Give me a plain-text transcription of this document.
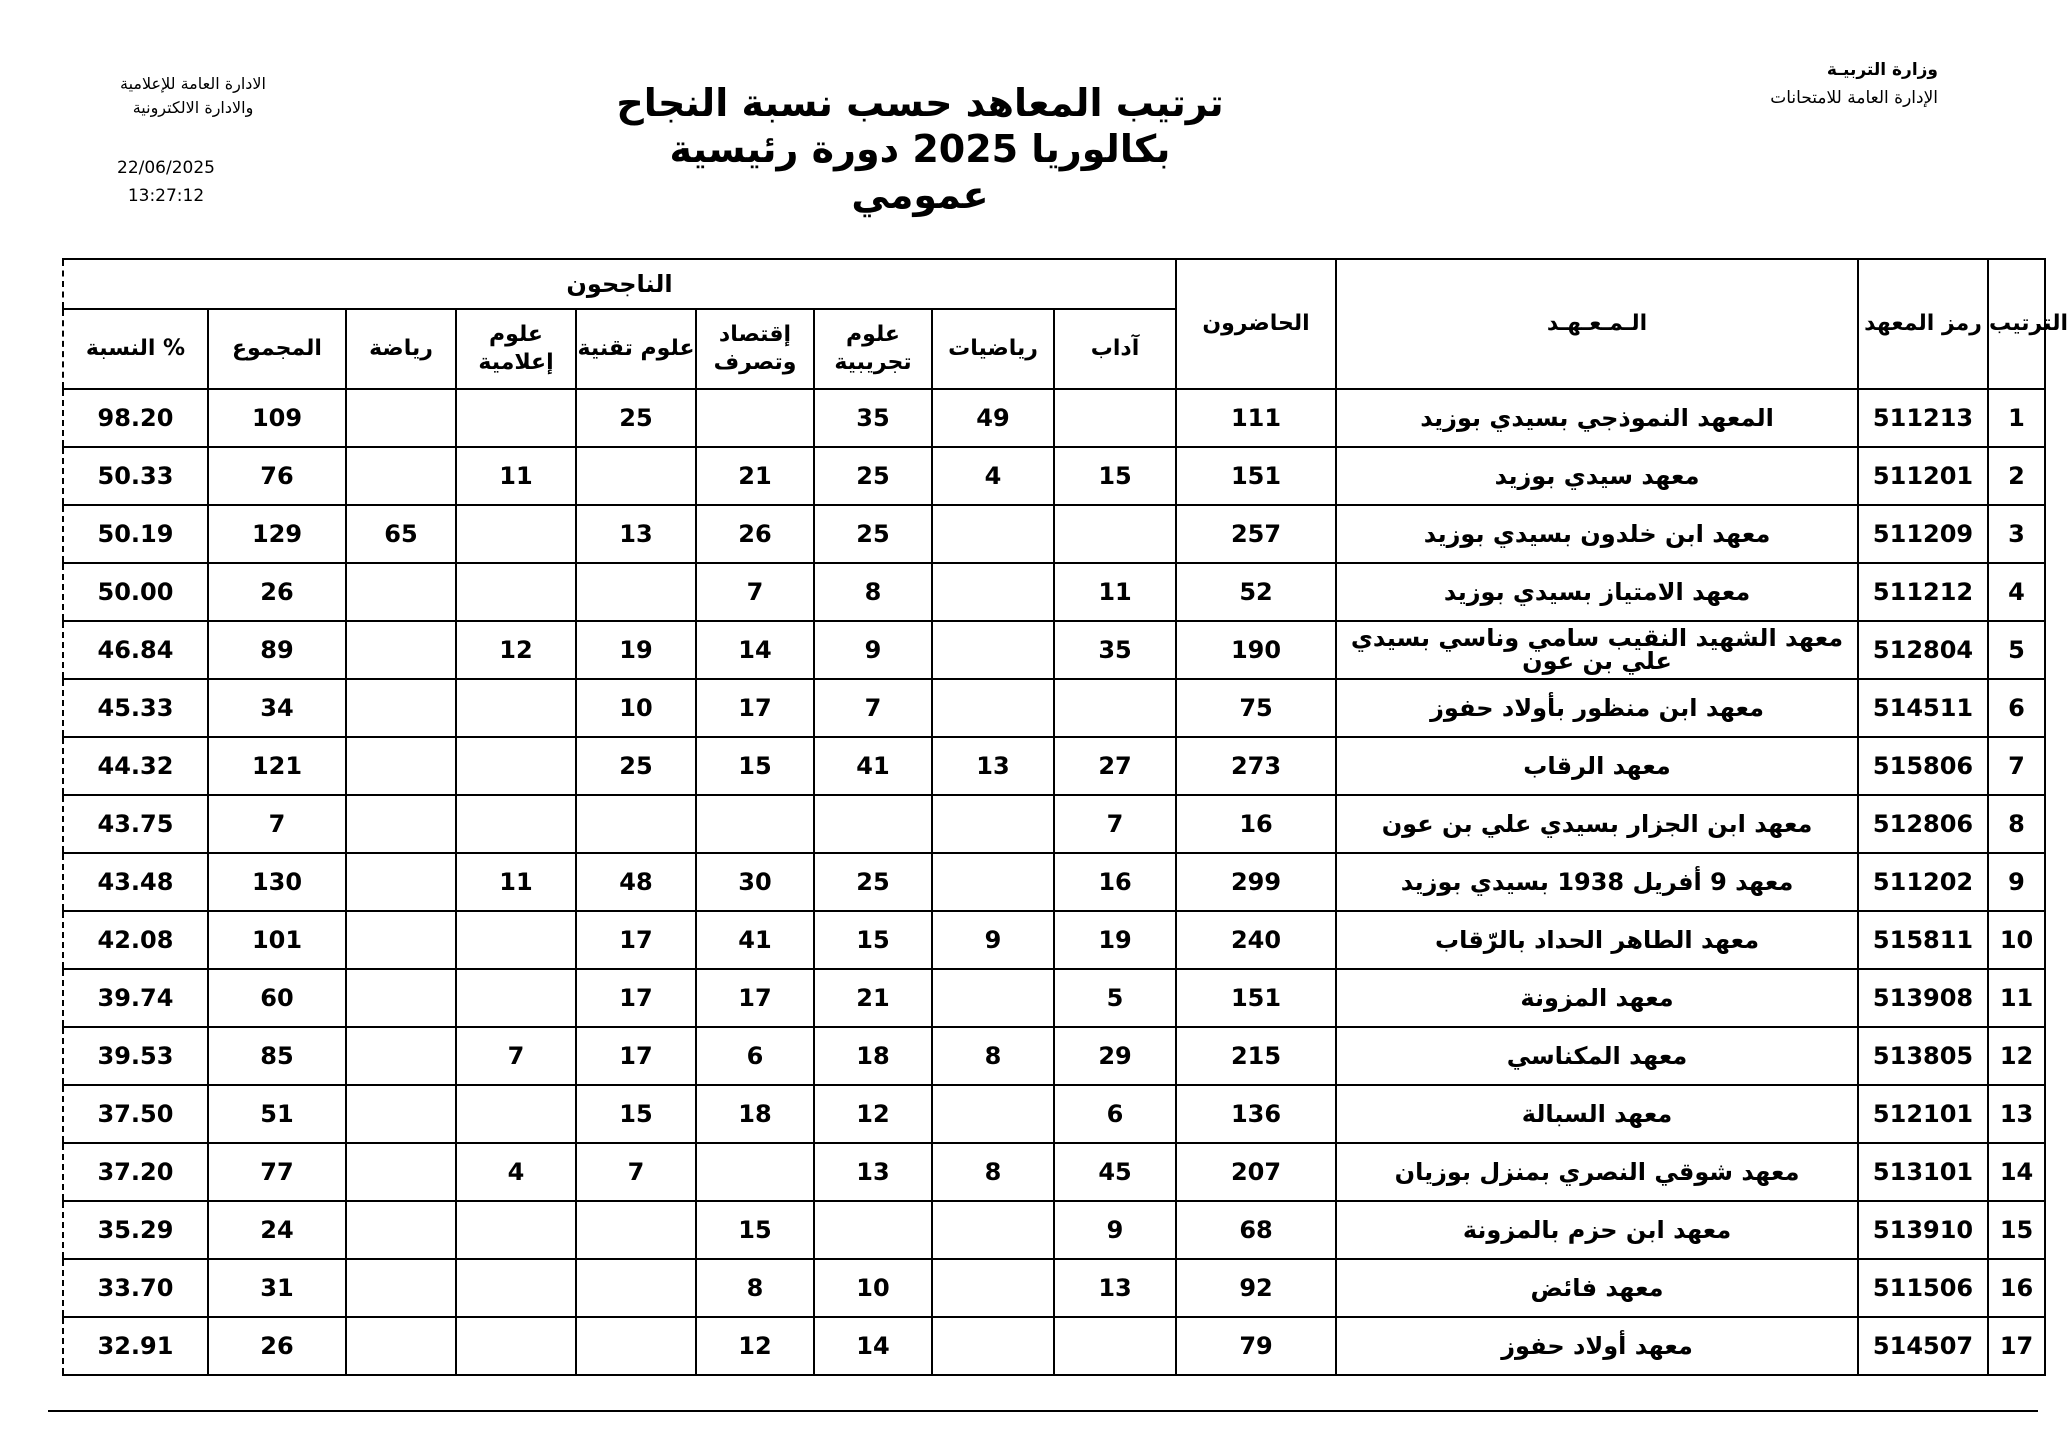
وزارة التربيـة
الإدارة العامة للامتحانات
الادارة العامة للإعلامية
والادارة الالكترونية
22/06/2025
13:27:12
ترتيب المعاهد حسب نسبة النجاح
بكالوريا 2025 دورة رئيسية
عمومي
الناجحون									الحاضرون	الـمـعـهـد	رمز المعهد	الترتيب
النسبة %	المجموع	رياضة	علوم إعلامية	علوم تقنية	إقتصاد وتصرف	علوم تجريبية	رياضيات	آداب				
98.20	109			25		35	49		111	المعهد النموذجي بسيدي بوزيد	511213	1
50.33	76		11		21	25	4	15	151	معهد سيدي بوزيد	511201	2
50.19	129	65		13	26	25			257	معهد ابن خلدون بسيدي بوزيد	511209	3
50.00	26				7	8		11	52	معهد الامتياز بسيدي بوزيد	511212	4
46.84	89		12	19	14	9		35	190	معهد الشهيد النقيب سامي وناسي بسيدي علي بن عون	512804	5
45.33	34			10	17	7			75	معهد ابن منظور بأولاد حفوز	514511	6
44.32	121			25	15	41	13	27	273	معهد الرقاب	515806	7
43.75	7							7	16	معهد ابن الجزار بسيدي علي بن عون	512806	8
43.48	130		11	48	30	25		16	299	معهد 9 أفريل 1938 بسيدي بوزيد	511202	9
42.08	101			17	41	15	9	19	240	معهد الطاهر الحداد بالرّقاب	515811	10
39.74	60			17	17	21		5	151	معهد المزونة	513908	11
39.53	85		7	17	6	18	8	29	215	معهد المكناسي	513805	12
37.50	51			15	18	12		6	136	معهد السبالة	512101	13
37.20	77		4	7		13	8	45	207	معهد شوقي النصري بمنزل بوزيان	513101	14
35.29	24				15			9	68	معهد ابن حزم بالمزونة	513910	15
33.70	31				8	10		13	92	معهد فائض	511506	16
32.91	26				12	14			79	معهد أولاد حفوز	514507	17
